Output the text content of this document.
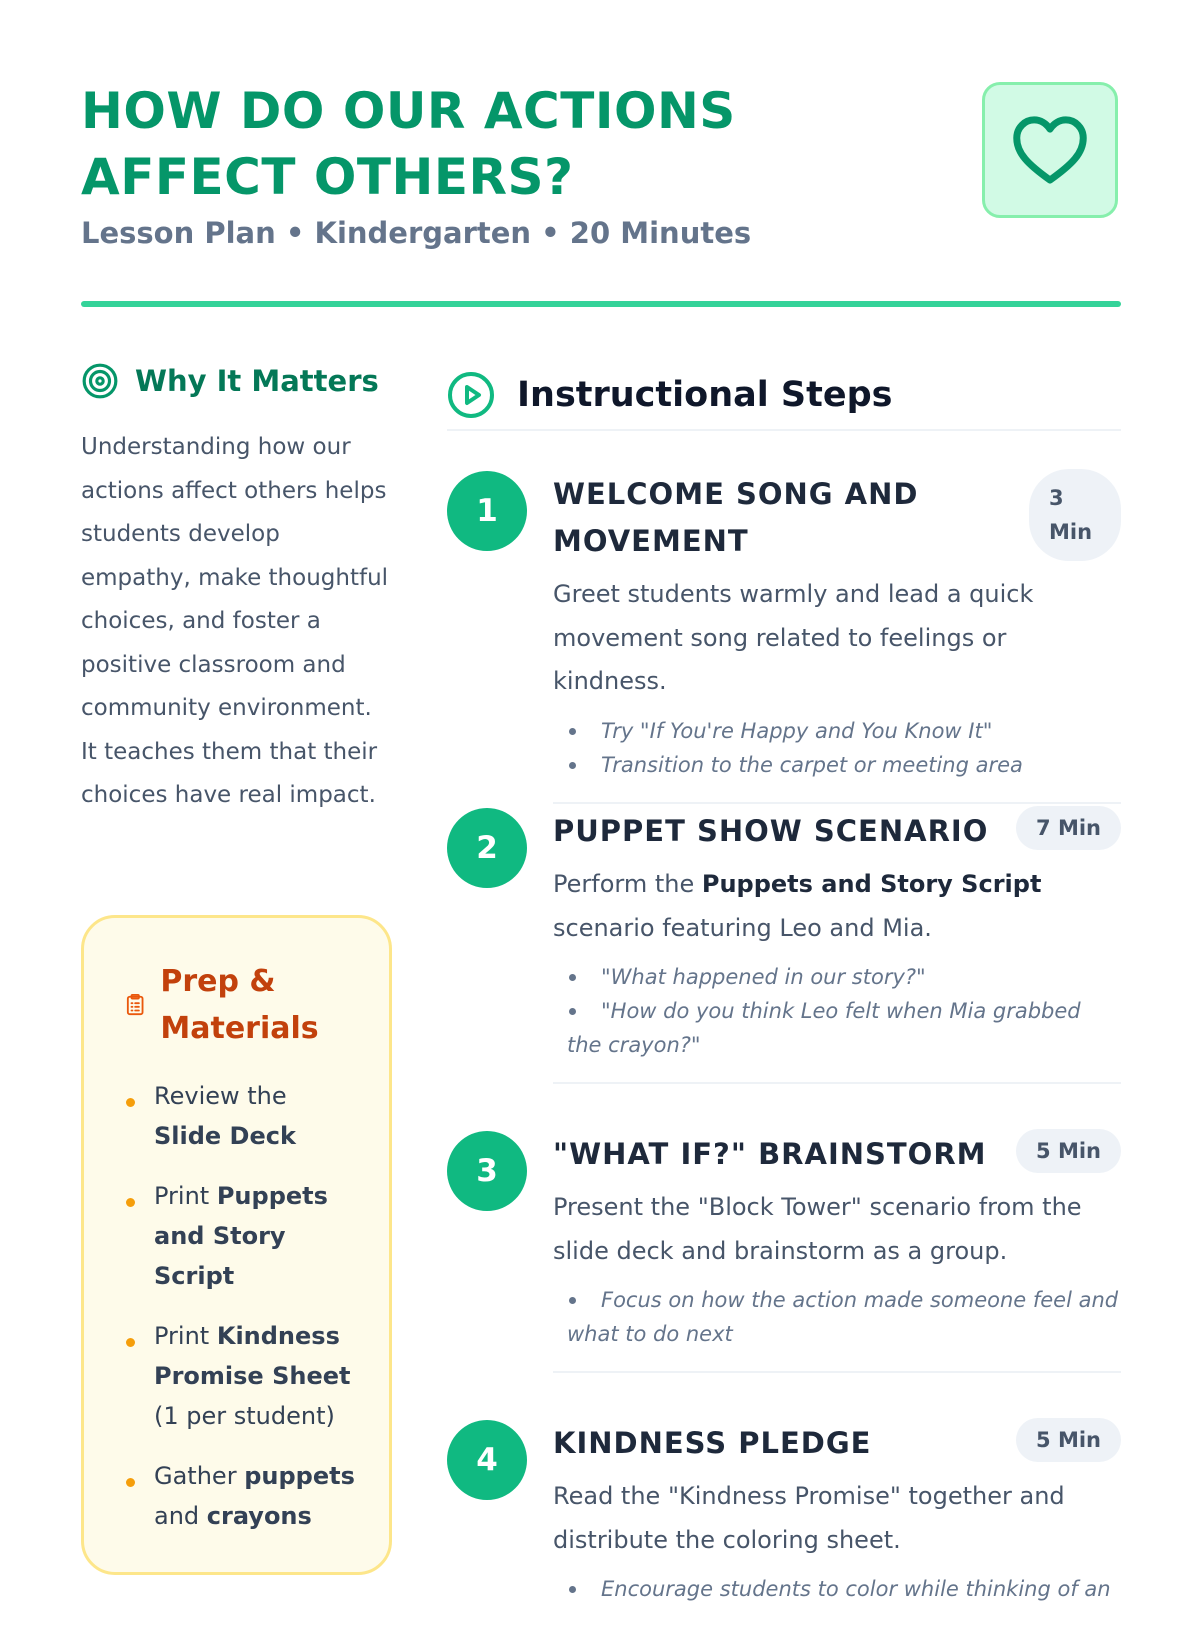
HOW DO OUR ACTIONS
AFFECT OTHERS?
Lesson Plan • Kindergarten • 20 Minutes
Why It Matters
Understanding how our actions affect others helps students develop empathy, make thoughtful choices, and foster a positive classroom and community environment. It teaches them that their choices have real impact.
Prep & Materials
Review the Slide Deck
Print Puppets and Story Script
Print Kindness Promise Sheet (1 per student)
Gather puppets and crayons
Instructional Steps
1	WELCOME SONG AND MOVEMENT
3
Min
Greet students warmly and lead a quick movement song related to feelings or kindness.
Try "If You're Happy and You Know It"
Transition to the carpet or meeting area
2	PUPPET SHOW SCENARIO	7 Min
Perform the Puppets and Story Script scenario featuring Leo and Mia.
"What happened in our story?"
"How do you think Leo felt when Mia grabbed the crayon?"
3	"WHAT IF?" BRAINSTORM	5 Min
Present the "Block Tower" scenario from the slide deck and brainstorm as a group.
Focus on how the action made someone feel and what to do next
4	KINDNESS PLEDGE	5 Min
Read the "Kindness Promise" together and distribute the coloring sheet.
Encourage students to color while thinking of an
